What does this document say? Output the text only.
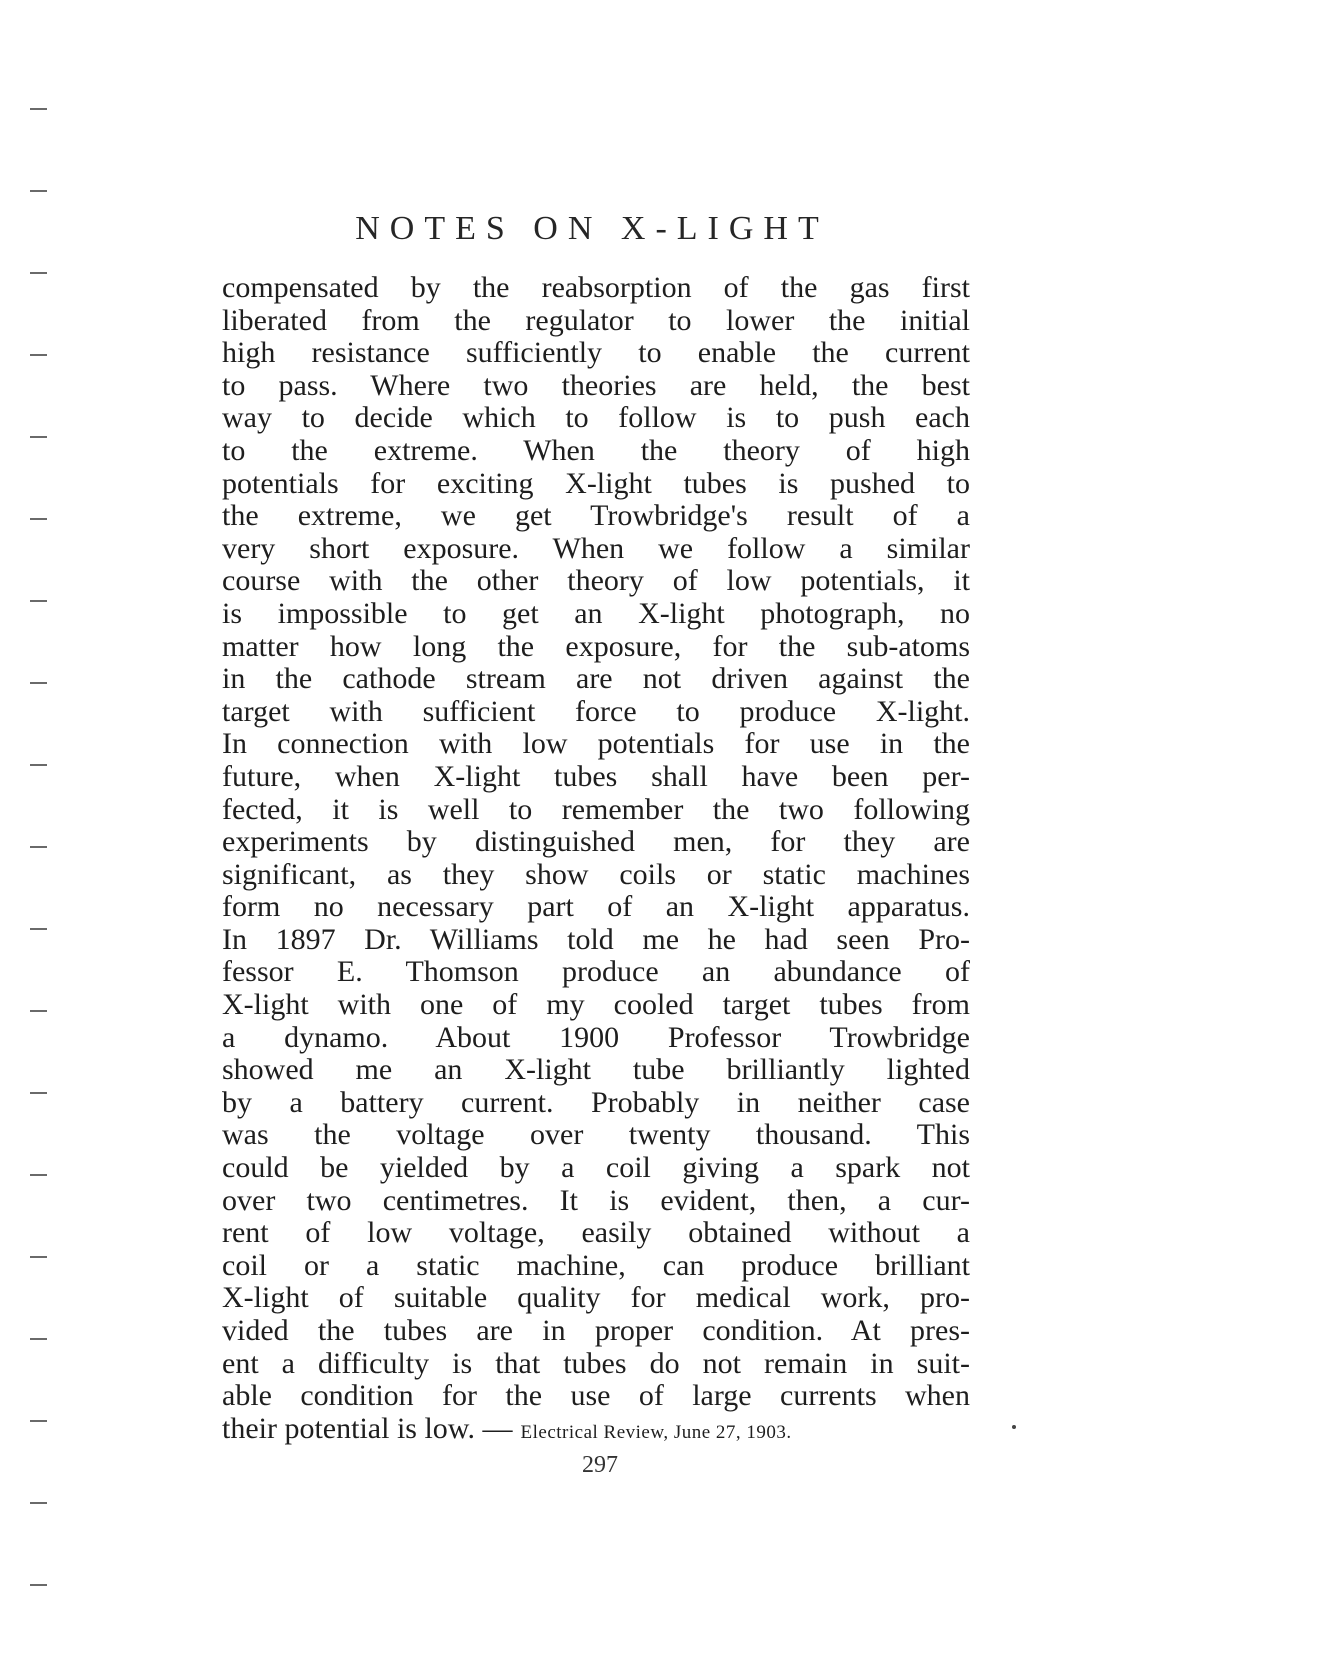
NOTES ON X-LIGHT
compensated by the reabsorption of the gas first
liberated from the regulator to lower the initial
high resistance sufficiently to enable the current
to pass. Where two theories are held, the best
way to decide which to follow is to push each
to the extreme. When the theory of high
potentials for exciting X-light tubes is pushed to
the extreme, we get Trowbridge's result of a
very short exposure. When we follow a similar
course with the other theory of low potentials, it
is impossible to get an X-light photograph, no
matter how long the exposure, for the sub-atoms
in the cathode stream are not driven against the
target with sufficient force to produce X-light.
In connection with low potentials for use in the
future, when X-light tubes shall have been per-
fected, it is well to remember the two following
experiments by distinguished men, for they are
significant, as they show coils or static machines
form no necessary part of an X-light apparatus.
In 1897 Dr. Williams told me he had seen Pro-
fessor E. Thomson produce an abundance of
X-light with one of my cooled target tubes from
a dynamo. About 1900 Professor Trowbridge
showed me an X-light tube brilliantly lighted
by a battery current. Probably in neither case
was the voltage over twenty thousand. This
could be yielded by a coil giving a spark not
over two centimetres. It is evident, then, a cur-
rent of low voltage, easily obtained without a
coil or a static machine, can produce brilliant
X-light of suitable quality for medical work, pro-
vided the tubes are in proper condition. At pres-
ent a difficulty is that tubes do not remain in suit-
able condition for the use of large currents when
their potential is low. — Electrical Review, June 27, 1903.
297
